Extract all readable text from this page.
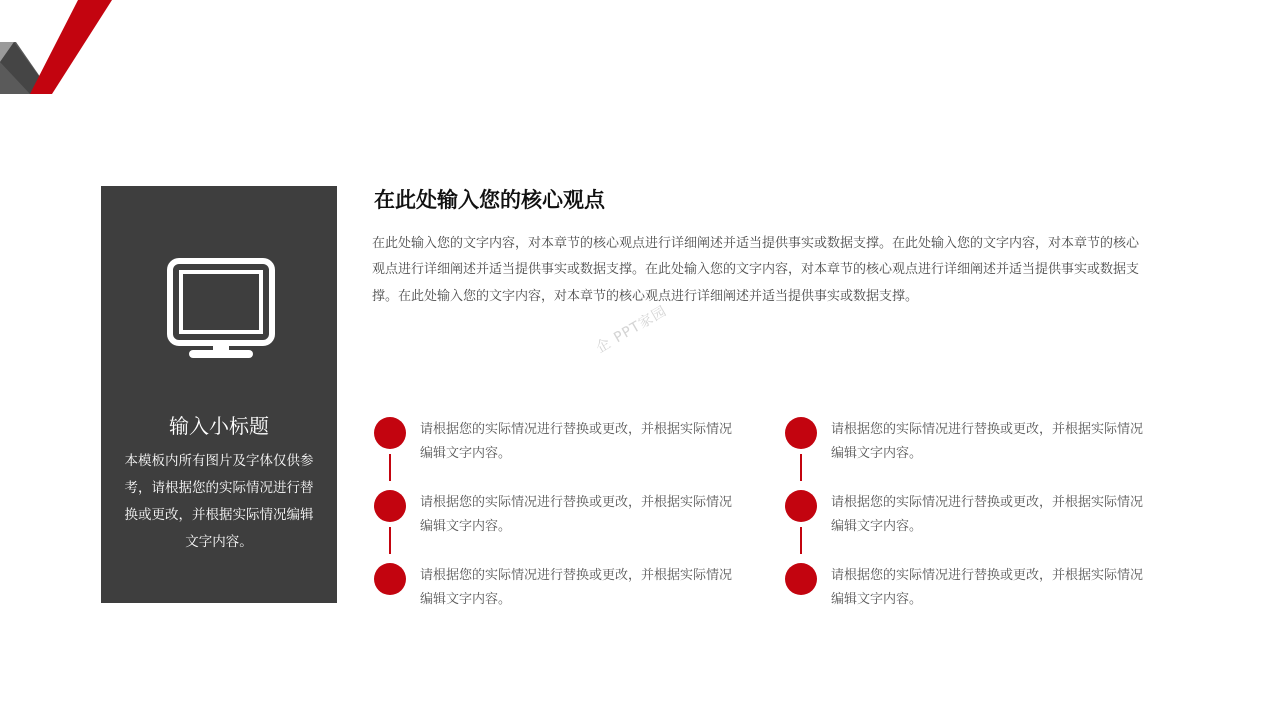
输入小标题
本模板内所有图片及字体仅供参考，请根据您的实际情况进行替换或更改，并根据实际情况编辑文字内容。
在此处输入您的核心观点
在此处输入您的文字内容，对本章节的核心观点进行详细阐述并适当提供事实或数据支撑。在此处输入您的文字内容，对本章节的核心观点进行详细阐述并适当提供事实或数据支撑。在此处输入您的文字内容，对本章节的核心观点进行详细阐述并适当提供事实或数据支撑。在此处输入您的文字内容，对本章节的核心观点进行详细阐述并适当提供事实或数据支撑。
企 PPT家园
请根据您的实际情况进行替换或更改，并根据实际情况编辑文字内容。
请根据您的实际情况进行替换或更改，并根据实际情况编辑文字内容。
请根据您的实际情况进行替换或更改，并根据实际情况编辑文字内容。
请根据您的实际情况进行替换或更改，并根据实际情况编辑文字内容。
请根据您的实际情况进行替换或更改，并根据实际情况编辑文字内容。
请根据您的实际情况进行替换或更改，并根据实际情况编辑文字内容。
